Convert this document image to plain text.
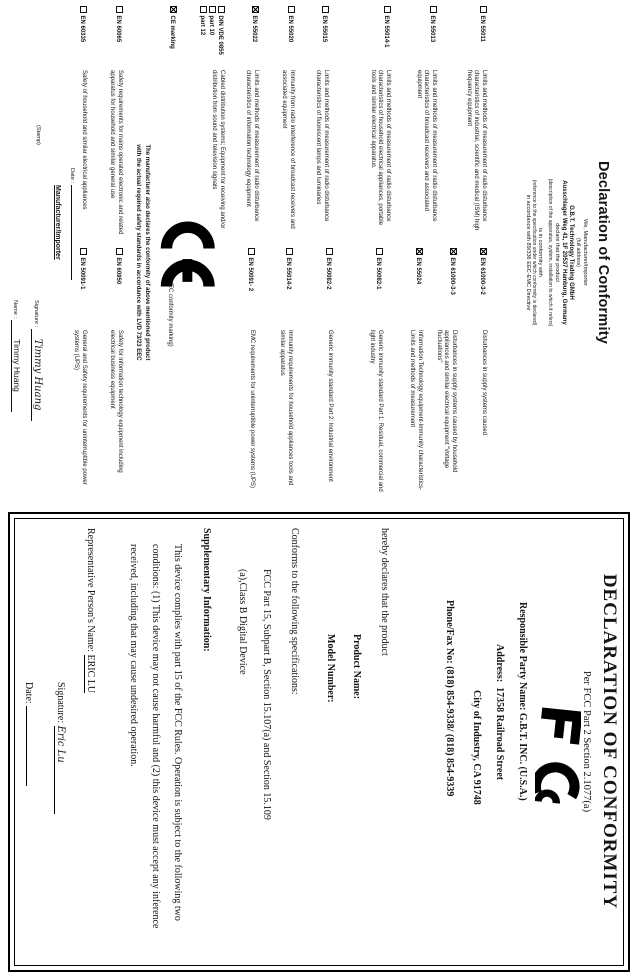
Declaration of Conformity
We, Manufacturer/Importer
(full address)
G.B.T. Technology Trading GMbH
Ausschlager Weg 41, 1F 20537 Hamburg, Germany
declare that the product
(description of the apparatus, system, installation to which it refers)
is in conformity with
(reference to the specification under which conformity is declared)
in accordance with 89/336 EEC-EMC Directive
EN 55011
Limits and methods of measurement of radio disturbance characteristics of industrial, scientific and medical (ISM) high frequency equipment
EN 55013
Limits and methods of measurement of radio disturbance characteristics of broadcast receivers and associated equipment
EN 55014-1
Limits and methods of measurement of radio disturbance characteristics of household electrical appliances, portable tools and similar electrical apparatus.
EN 55015
Limits and methods of measurement of radio disturbance characteristics of fluorescent lamps and luminaries
EN 55020
Immunity from radio interference of broadcast receivers and associated equipment
EN 55022
Limits and methods of measurement of radio disturbance characteristics of information technology equipment
DIN VDE 0855
part 10
part 12
Cabled distribution systems; Equipment for receiving and/or distribution from sound and television signals
EN 61000-3-2
Disturbances in supply systems caused
EN 61000-3-3
Disturbances in supply systems caused by household appliances and similar electrical equipment "Voltage fluctuations"
EN 55024
Information Technology equipment-Immunity characteristics-Limits and methods of measurement
EN 50082-1
Generic immunity standard Part 1: Residual, commercial and light industry
EN 50082-2
Generic immunity standard Part 2: Industrial environment
EN 55014-2
Immunity requirements for household appliances tools and similar apparatus
EN 50091- 2
EMC requirements for uninterruptible power systems (UPS)
CE marking
(EC conformity marking)
The manufacturer also declares the conformity of above mentioned product
with the actual required safety standards in accordance with LVD 73/23 EEC
EN 60065
Safety requirements for mains operated electronic and related apparatus for household and similar general use
EN 60950
Safety for information technology equipment including electrical business equipment
EN 60335
Safety of household and similar electrical appliances
EN 50091-1
General and Safety requirements for uninterruptible power systems (UPS)
(Stamp)
Date :
Manufacturer/Importer
Signature : Timmy Huang
Name : Timmy Huang
DECLARATION OF CONFORMITY
Per FCC Part 2 Section 2.1077(a)
Responsible Party Name: G.B.T. INC. (U.S.A.)
Address:  17358 Railroad Street
City of Industry, CA 91748
Phone/Fax No: (818) 854-9338/ (818) 854-9339
hereby declares that the product
Product Name:
Model Number:
Conforms to the following specifications:
FCC Part 15, Subpart B, Section 15.107(a) and Section 15.109
(a),Class B Digital Device
Supplementary Information:
This device complies with part 15 of the FCC Rules. Operation is subject to the following two conditions: (1) This device may not cause harmful and (2) this device must accept any inference received, including that may cause undesired operation.
Representative Person's Name: ERIC LU
Signature: Eric Lu
Date:
